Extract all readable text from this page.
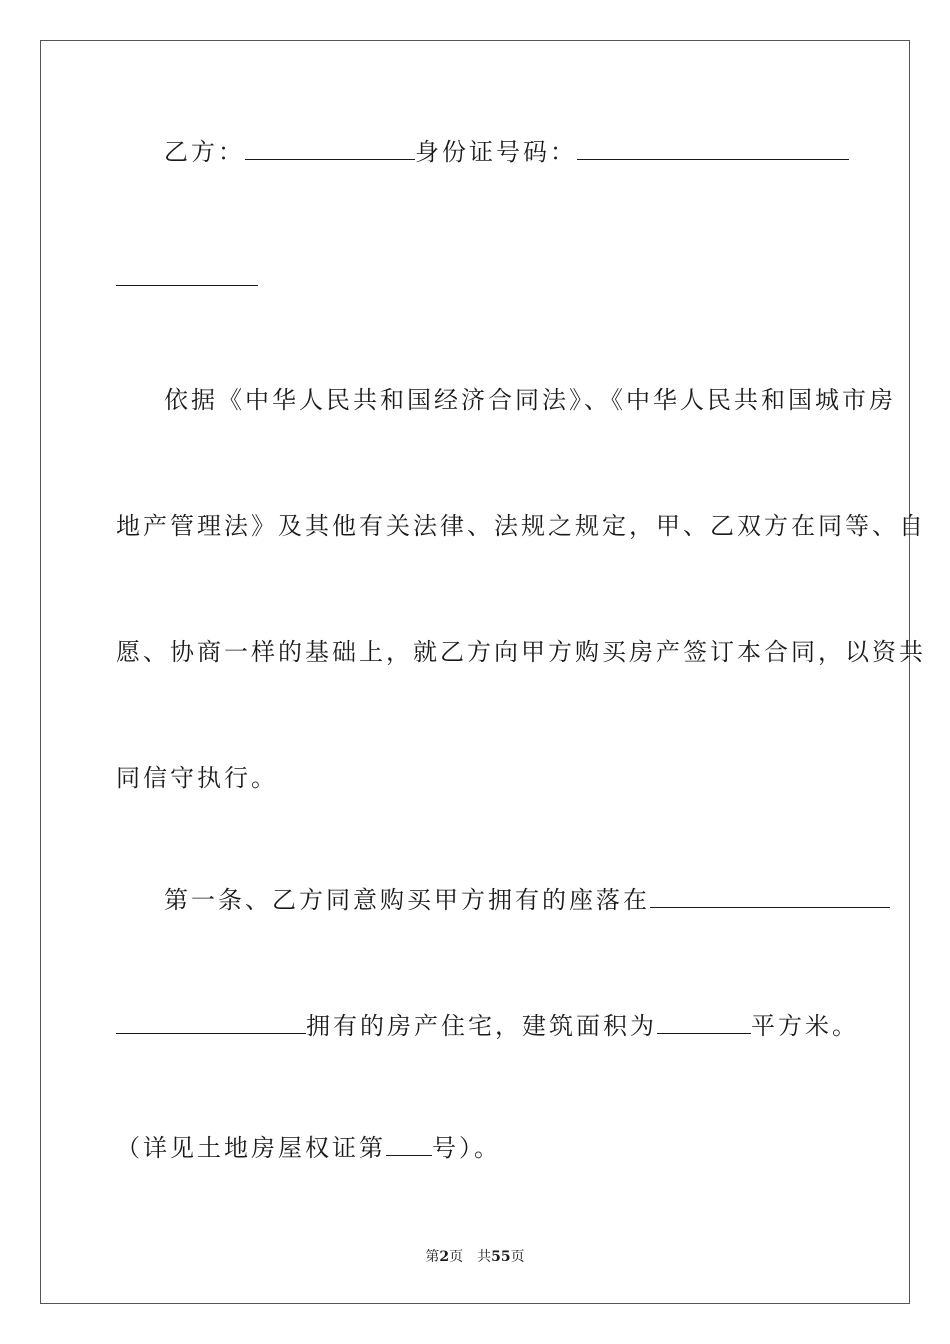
乙方：	身份证号码：
依据《中华人民共和国经济合同法》、《中华人民共和国城市房
地产管理法》及其他有关法律、法规之规定，甲、乙双方在同等、自
愿、协商一样的基础上，就乙方向甲方购买房产签订本合同，以资共
同信守执行。
第一条、乙方同意购买甲方拥有的座落在
拥有的房产住宅，建筑面积为	平方米。
（详见土地房屋权证第 号）。
第2页　共55页
